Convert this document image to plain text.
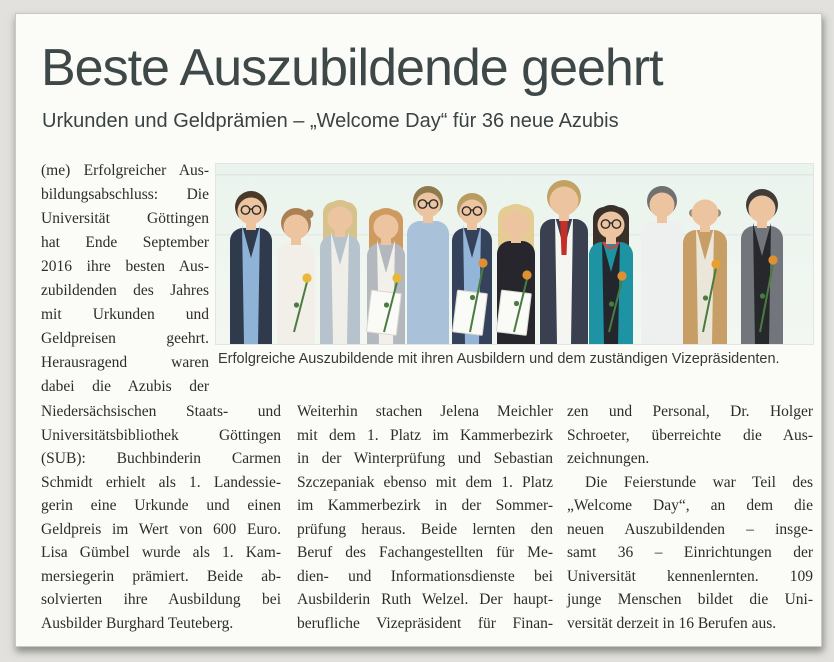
Beste Auszubildende geehrt
Urkunden und Geldprämien – „Welcome Day“ für 36 neue Azubis
(me) Erfolgreicher Aus-
bildungsabschluss: Die
Universität Göttingen
hat Ende September
2016 ihre besten Aus-
zubildenden des Jahres
mit Urkunden und
Geldpreisen geehrt.
Herausragend waren
dabei die Azubis der
Erfolgreiche Auszubildende mit ihren Ausbildern und dem zuständigen Vizepräsidenten.
Niedersächsischen Staats- und
Universitätsbibliothek Göttingen
(SUB): Buchbinderin Carmen
Schmidt erhielt als 1. Landessie-
gerin eine Urkunde und einen
Geldpreis im Wert von 600 Euro.
Lisa Gümbel wurde als 1. Kam-
mersiegerin prämiert. Beide ab-
solvierten ihre Ausbildung bei
Ausbilder Burghard Teuteberg.
Weiterhin stachen Jelena Meichler
mit dem 1. Platz im Kammerbezirk
in der Winterprüfung und Sebastian
Szczepaniak ebenso mit dem 1. Platz
im Kammerbezirk in der Sommer-
prüfung heraus. Beide lernten den
Beruf des Fachangestellten für Me-
dien- und Informationsdienste bei
Ausbilderin Ruth Welzel. Der haupt-
berufliche Vizepräsident für Finan-
zen und Personal, Dr. Holger
Schroeter, überreichte die Aus-
zeichnungen.
Die Feierstunde war Teil des
„Welcome Day“, an dem die
neuen Auszubildenden – insge-
samt 36 – Einrichtungen der
Universität kennenlernten. 109
junge Menschen bildet die Uni-
versität derzeit in 16 Berufen aus.
